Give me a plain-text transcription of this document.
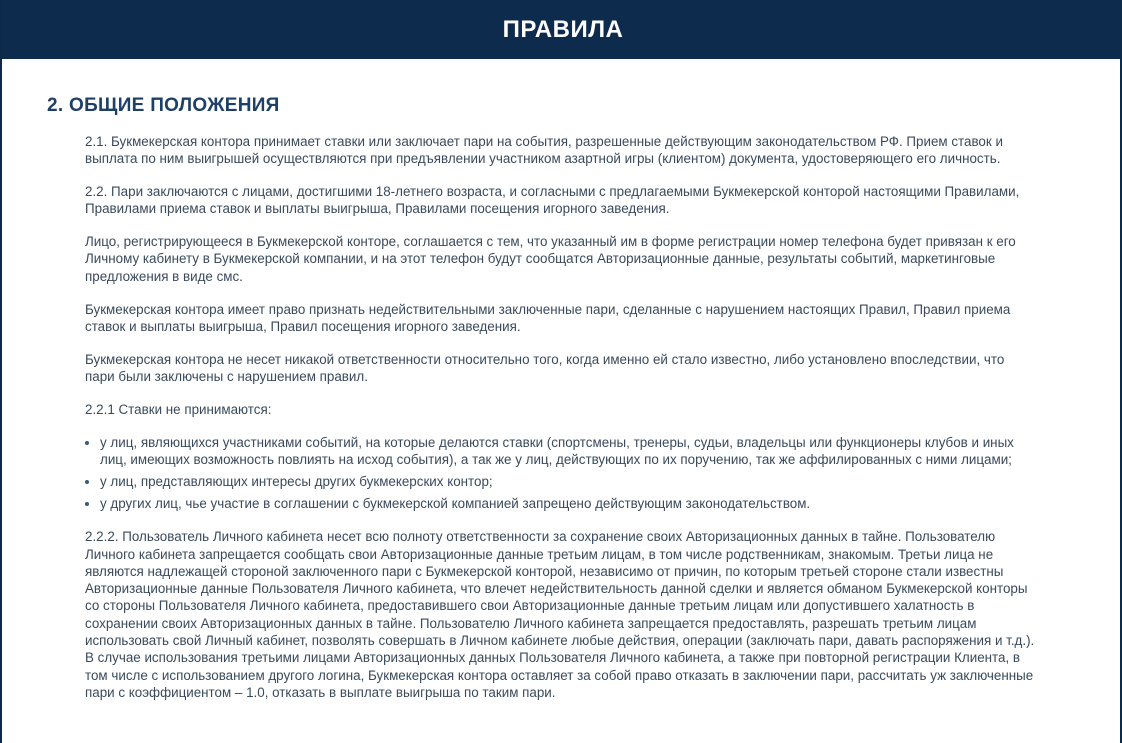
ПРАВИЛА
2. ОБЩИЕ ПОЛОЖЕНИЯ

2.1. Букмекерская контора принимает ставки или заключает пари на события, разрешенные действующим законодательством РФ. Прием ставок и выплата по ним выигрышей осуществляются при предъявлении участником азартной игры (клиентом) документа, удостоверяющего его личность.

2.2. Пари заключаются с лицами, достигшими 18-летнего возраста, и согласными с предлагаемыми Букмекерской конторой настоящими Правилами, Правилами приема ставок и выплаты выигрыша, Правилами посещения игорного заведения.

Лицо, регистрирующееся в Букмекерской конторе, соглашается с тем, что указанный им в форме регистрации номер телефона будет привязан к его Личному кабинету в Букмекерской компании, и на этот телефон будут сообщатся Авторизационные данные, результаты событий, маркетинговые предложения в виде смс.

Букмекерская контора имеет право признать недействительными заключенные пари, сделанные с нарушением настоящих Правил, Правил приема ставок и выплаты выигрыша, Правил посещения игорного заведения.

Букмекерская контора не несет никакой ответственности относительно того, когда именно ей стало известно, либо установлено впоследствии, что пари были заключены с нарушением правил.

2.2.1 Ставки не принимаются:

• у лиц, являющихся участниками событий, на которые делаются ставки (спортсмены, тренеры, судьи, владельцы или функционеры клубов и иных лиц, имеющих возможность повлиять на исход события), а так же у лиц, действующих по их поручению, так же аффилированных с ними лицами;
• у лиц, представляющих интересы других букмекерских контор;
• у других лиц, чье участие в соглашении с букмекерской компанией запрещено действующим законодательством.

2.2.2. Пользователь Личного кабинета несет всю полноту ответственности за сохранение своих Авторизационных данных в тайне. Пользователю Личного кабинета запрещается сообщать свои Авторизационные данные третьим лицам, в том числе родственникам, знакомым. Третьи лица не являются надлежащей стороной заключенного пари с Букмекерской конторой, независимо от причин, по которым третьей стороне стали известны Авторизационные данные Пользователя Личного кабинета, что влечет недействительность данной сделки и является обманом Букмекерской конторы со стороны Пользователя Личного кабинета, предоставившего свои Авторизационные данные третьим лицам или допустившего халатность в сохранении своих Авторизационных данных в тайне. Пользователю Личного кабинета запрещается предоставлять, разрешать третьим лицам использовать свой Личный кабинет, позволять совершать в Личном кабинете любые действия, операции (заключать пари, давать распоряжения и т.д.). В случае использования третьими лицами Авторизационных данных Пользователя Личного кабинета, а также при повторной регистрации Клиента, в том числе с использованием другого логина, Букмекерская контора оставляет за собой право отказать в заключении пари, рассчитать уж заключенные пари с коэффициентом – 1.0, отказать в выплате выигрыша по таким пари.
